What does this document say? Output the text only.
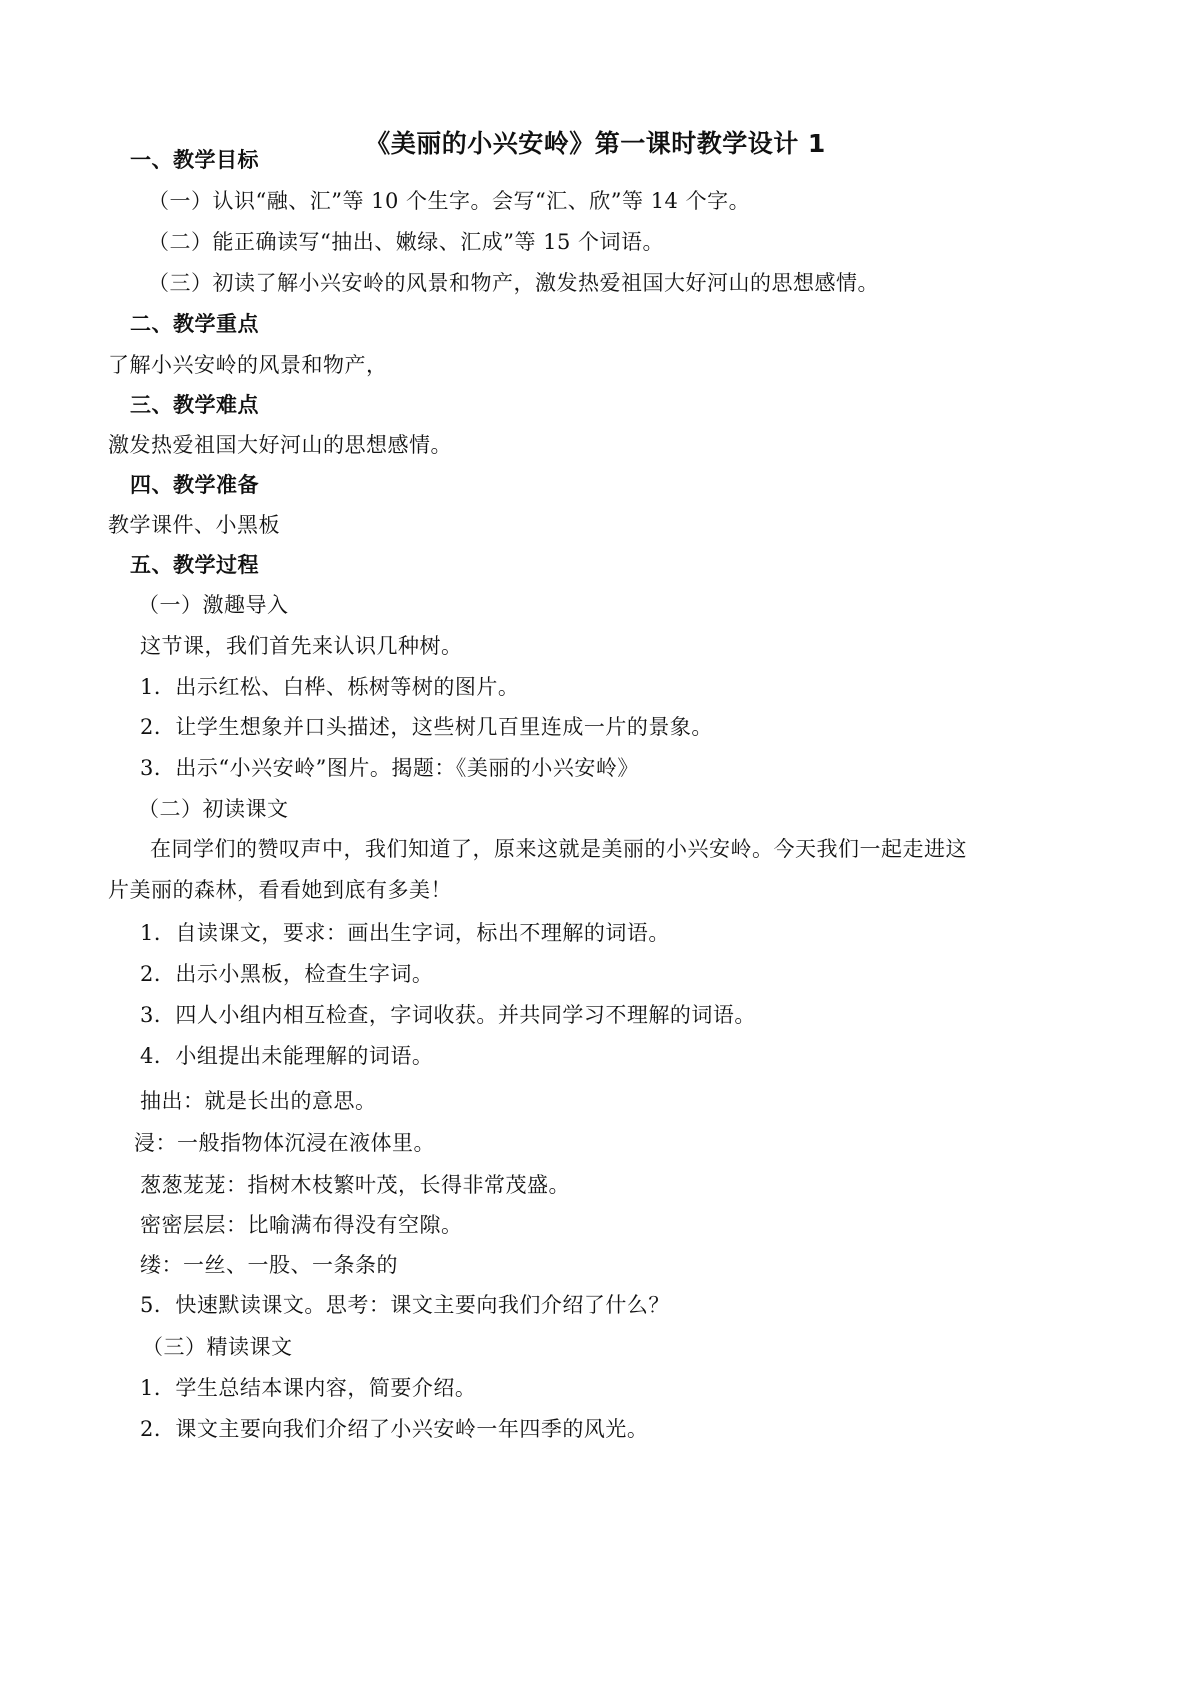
《美丽的小兴安岭》第一课时教学设计 1
一、教学目标
（一）认识“融、汇”等 10 个生字。会写“汇、欣”等 14 个字。
（二）能正确读写“抽出、嫩绿、汇成”等 15 个词语。
（三）初读了解小兴安岭的风景和物产，激发热爱祖国大好河山的思想感情。
二、教学重点
了解小兴安岭的风景和物产，
三、教学难点
激发热爱祖国大好河山的思想感情。
四、教学准备
教学课件、小黑板
五、教学过程
（一）激趣导入
这节课，我们首先来认识几种树。
1．出示红松、白桦、栎树等树的图片。
2．让学生想象并口头描述，这些树几百里连成一片的景象。
3．出示“小兴安岭”图片。揭题：《美丽的小兴安岭》
（二）初读课文
在同学们的赞叹声中，我们知道了，原来这就是美丽的小兴安岭。今天我们一起走进这
片美丽的森林，看看她到底有多美！
1．自读课文，要求：画出生字词，标出不理解的词语。
2．出示小黑板，检查生字词。
3．四人小组内相互检查，字词收获。并共同学习不理解的词语。
4．小组提出未能理解的词语。
抽出：就是长出的意思。
浸：一般指物体沉浸在液体里。
葱葱茏茏：指树木枝繁叶茂，长得非常茂盛。
密密层层：比喻满布得没有空隙。
缕：一丝、一股、一条条的
5．快速默读课文。思考：课文主要向我们介绍了什么？
（三）精读课文
1．学生总结本课内容，简要介绍。
2．课文主要向我们介绍了小兴安岭一年四季的风光。
